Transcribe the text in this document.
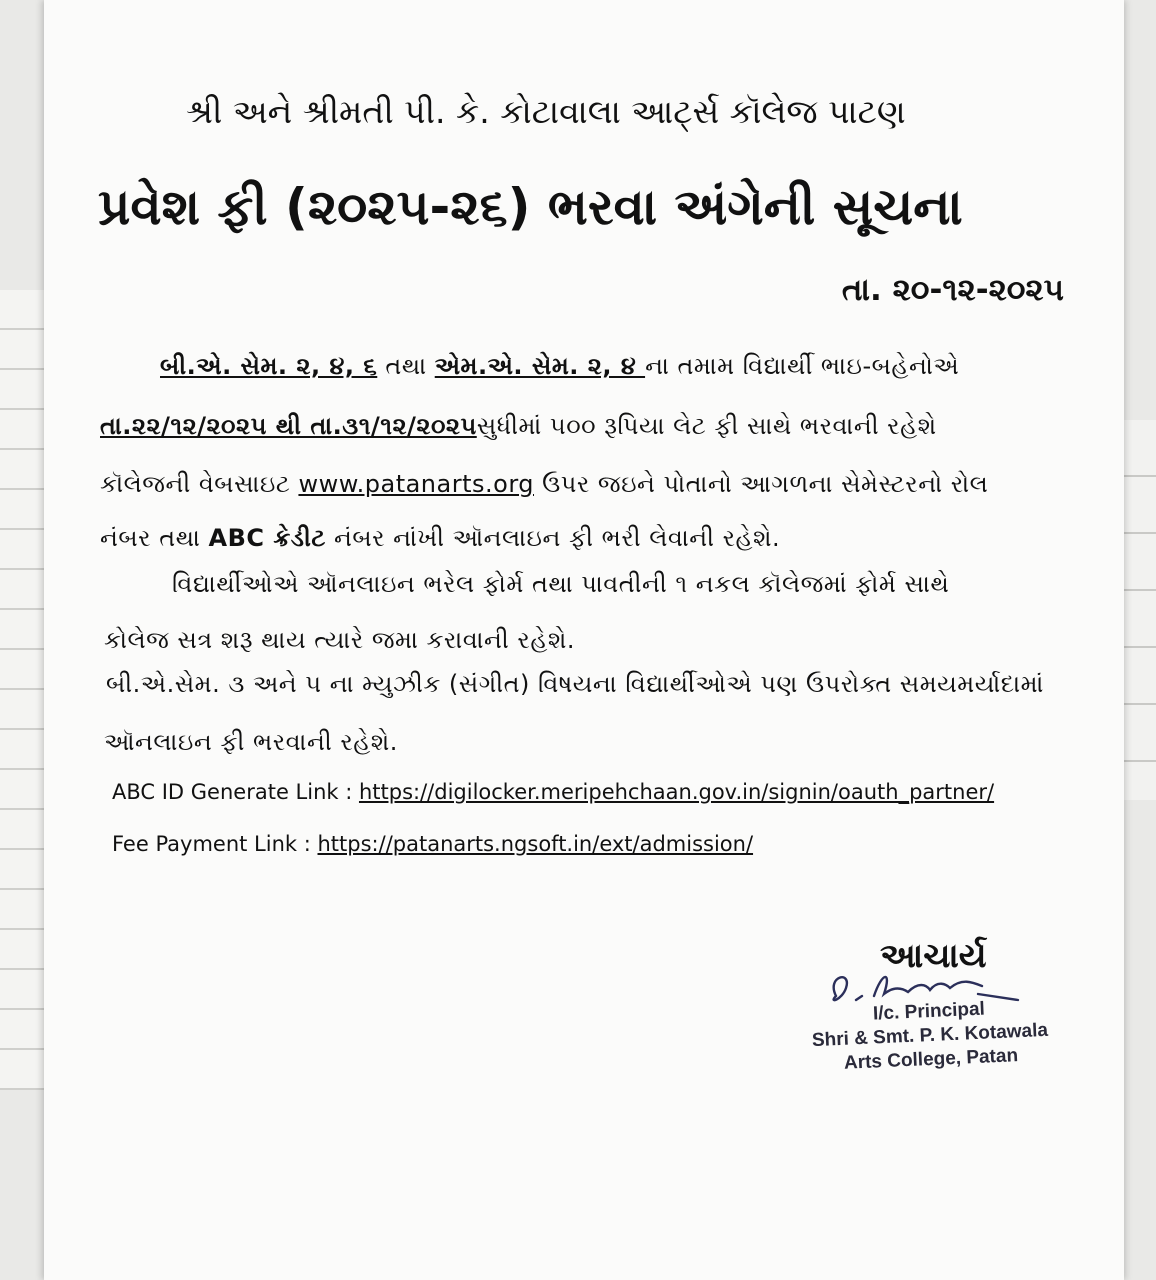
શ્રી અને શ્રીમતી પી. કે. કોટાવાલા આર્ટ્સ કૉલેજ પાટણ
પ્રવેશ ફી (૨૦૨૫-૨૬) ભરવા અંગેની સૂચના
તા. ૨૦-૧૨-૨૦૨૫
બી.એ. સેમ. ૨, ૪, ૬ તથા એમ.એ. સેમ. ૨, ૪ ના તમામ વિદ્યાર્થી ભાઇ-બહેનોએ
તા.૨૨/૧૨/૨૦૨૫ થી તા.૩૧/૧૨/૨૦૨૫સુધીમાં ૫૦૦ રૂપિયા લેટ ફી સાથે ભરવાની રહેશે
કૉલેજની વેબસાઇટ www.patanarts.org ઉપર જઇને પોતાનો આગળના સેમેસ્ટરનો રોલ
નંબર તથા ABC ક્રેડીટ નંબર નાંખી ઑનલાઇન ફી ભરી લેવાની રહેશે.
વિદ્યાર્થીઓએ ઑનલાઇન ભરેલ ફોર્મ તથા પાવતીની ૧ નકલ કૉલેજમાં ફોર્મ સાથે
કોલેજ સત્ર શરૂ થાય ત્યારે જમા કરાવાની રહેશે.
બી.એ.સેમ. ૩ અને ૫ ના મ્યુઝીક (સંગીત) વિષયના વિદ્યાર્થીઓએ પણ ઉપરોક્ત સમયમર્યાદામાં
ઑનલાઇન ફી ભરવાની રહેશે.
ABC ID Generate Link : https://digilocker.meripehchaan.gov.in/signin/oauth_partner/
Fee Payment Link : https://patanarts.ngsoft.in/ext/admission/
આચાર્ય
I/c. Principal
Shri & Smt. P. K. Kotawala
Arts College, Patan
